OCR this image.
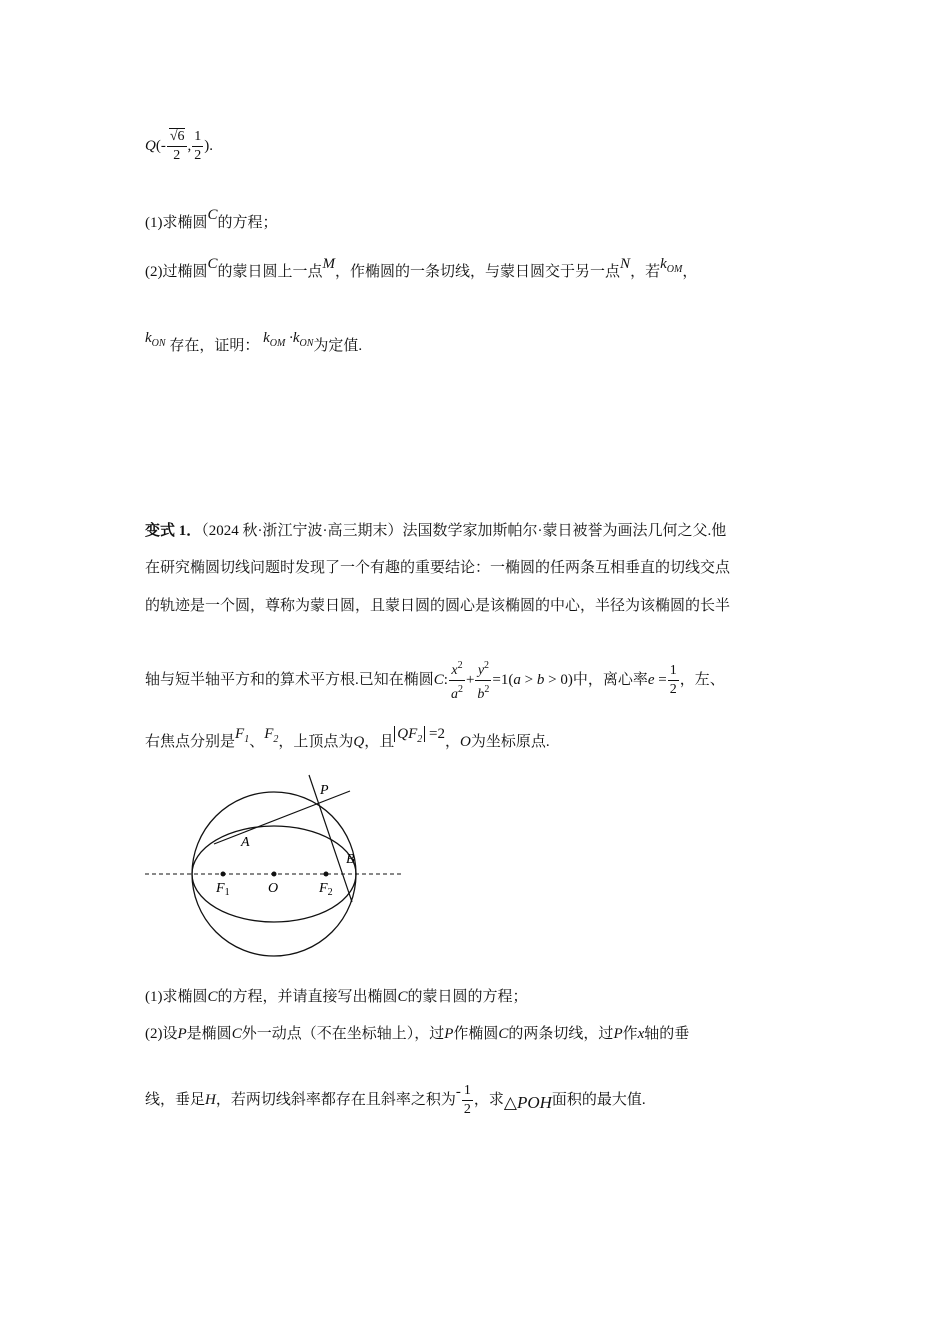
$Q(- \frac{√6}{2}$ , $\frac{1}{2}$ ).
(1)求椭圆C的方程；
(2)过椭圆C的蒙日圆上一点M，作椭圆的一条切线，与蒙日圆交于另一点N，若$k_{OM}$，
$k_{ON}$ 存在，证明： $k_{OM} \cdot k_{ON}$为定值.
变式 1．（2024 秋·浙江宁波·高三期末）法国数学家加斯帕尔·蒙日被誉为画法几何之父.他
在研究椭圆切线问题时发现了一个有趣的重要结论：一椭圆的任两条互相垂直的切线交点
的轨迹是一个圆，尊称为蒙日圆，且蒙日圆的圆心是该椭圆的中心，半径为该椭圆的长半
轴与短半轴平方和的算术平方根.已知在椭圆C: $\frac{x^2}{a^2} + \frac{y^2}{b^2} =1(a > b > 0)$中，离心率$e = \frac{1}{2}$ ，左、
右焦点分别是$F_1$、$F_2$，上顶点为Q，且 $QF_2 =2$，O为坐标原点.
P
A
B
O
$F_1$	$F_2$
(1)求椭圆C的方程，并请直接写出椭圆C的蒙日圆的方程；
(2)设P是椭圆C外一动点（不在坐标轴上），过P作椭圆C的两条切线，过P作x轴的垂
线，垂足H，若两切线斜率都存在且斜率之积为- $\frac{1}{2}$ ，求△POH面积的最大值.
